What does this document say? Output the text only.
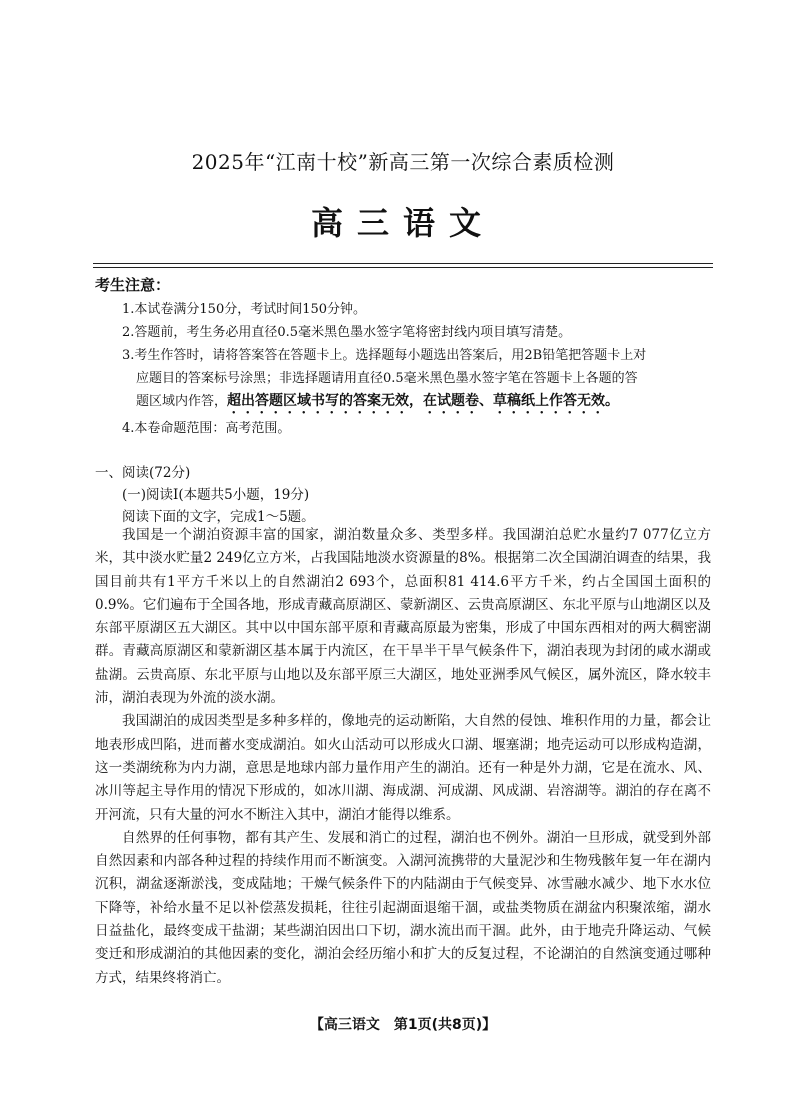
2025年“江南十校”新高三第一次综合素质检测
高三语文
考生注意：

1.本试卷满分150分，考试时间150分钟。

2.答题前，考生务必用直径0.5毫米黑色墨水签字笔将密封线内项目填写清楚。

3.考生作答时，请将答案答在答题卡上。选择题每小题选出答案后，用2B铅笔把答题卡上对

应题目的答案标号涂黑；非选择题请用直径0.5毫米黑色墨水签字笔在答题卡上各题的答

题区域内作答，超出答题区域书写的答案无效，在试题卷、草稿纸上作答无效。

4.本卷命题范围：高考范围。

一、阅读(72分)
(一)阅读Ⅰ(本题共5小题，19分)
阅读下面的文字，完成1～5题。

我国是一个湖泊资源丰富的国家，湖泊数量众多、类型多样。我国湖泊总贮水量约7 077亿立方米，其中淡水贮量2 249亿立方米，占我国陆地淡水资源量的8%。根据第二次全国湖泊调查的结果，我国目前共有1平方千米以上的自然湖泊2 693个，总面积81 414.6平方千米，约占全国国土面积的0.9%。它们遍布于全国各地，形成青藏高原湖区、蒙新湖区、云贵高原湖区、东北平原与山地湖区以及东部平原湖区五大湖区。其中以中国东部平原和青藏高原最为密集，形成了中国东西相对的两大稠密湖群。青藏高原湖区和蒙新湖区基本属于内流区，在干旱半干旱气候条件下，湖泊表现为封闭的咸水湖或盐湖。云贵高原、东北平原与山地以及东部平原三大湖区，地处亚洲季风气候区，属外流区，降水较丰沛，湖泊表现为外流的淡水湖。

我国湖泊的成因类型是多种多样的，像地壳的运动断陷，大自然的侵蚀、堆积作用的力量，都会让地表形成凹陷，进而蓄水变成湖泊。如火山活动可以形成火口湖、堰塞湖；地壳运动可以形成构造湖，这一类湖统称为内力湖，意思是地球内部力量作用产生的湖泊。还有一种是外力湖，它是在流水、风、冰川等起主导作用的情况下形成的，如冰川湖、海成湖、河成湖、风成湖、岩溶湖等。湖泊的存在离不开河流，只有大量的河水不断注入其中，湖泊才能得以维系。

自然界的任何事物，都有其产生、发展和消亡的过程，湖泊也不例外。湖泊一旦形成，就受到外部自然因素和内部各种过程的持续作用而不断演变。入湖河流携带的大量泥沙和生物残骸年复一年在湖内沉积，湖盆逐渐淤浅，变成陆地；干燥气候条件下的内陆湖由于气候变异、冰雪融水减少、地下水水位下降等，补给水量不足以补偿蒸发损耗，往往引起湖面退缩干涸，或盐类物质在湖盆内积聚浓缩，湖水日益盐化，最终变成干盐湖；某些湖泊因出口下切，湖水流出而干涸。此外，由于地壳升降运动、气候变迁和形成湖泊的其他因素的变化，湖泊会经历缩小和扩大的反复过程，不论湖泊的自然演变通过哪种方式，结果终将消亡。

【高三语文　第1页(共8页)】
